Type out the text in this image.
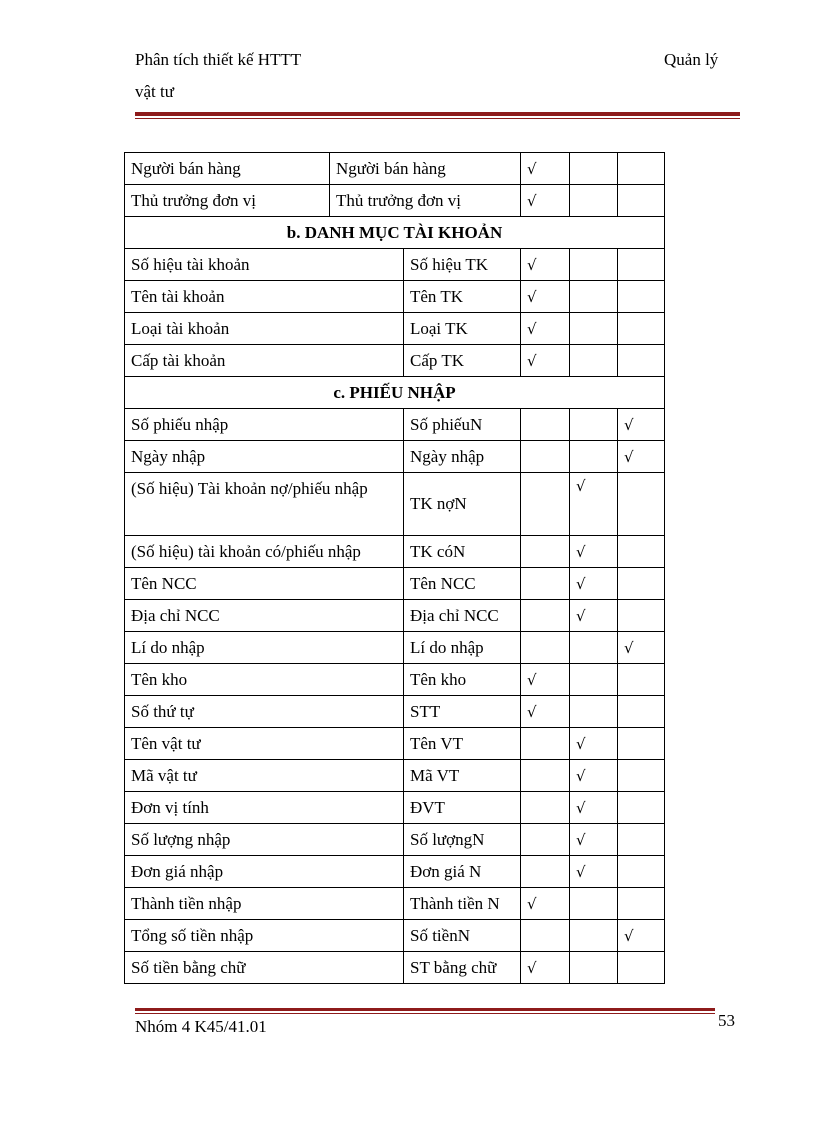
Phân tích thiết kế HTTT
vật tư
Quản lý
Người bán hàng	Người bán hàng		√		
Thủ trưởng đơn vị	Thủ trưởng đơn vị		√		
b. DANH MỤC TÀI KHOẢN					
Số hiệu tài khoản		Số hiệu TK	√		
Tên tài khoản		Tên TK	√		
Loại tài khoản		Loại TK	√		
Cấp tài khoản		Cấp TK	√		
c. PHIẾU NHẬP					
Số phiếu nhập		Số phiếuN			√
Ngày nhập		Ngày nhập			√
(Số hiệu) Tài khoản nợ/phiếu nhập		TK nợN		√	
(Số hiệu) tài khoản có/phiếu nhập		TK cóN		√	
Tên NCC		Tên NCC		√	
Địa chỉ NCC		Địa chỉ NCC		√	
Lí do nhập		Lí do nhập			√
Tên kho		Tên kho	√		
Số thứ tự		STT	√		
Tên vật tư		Tên VT		√	
Mã vật tư		Mã VT		√	
Đơn vị tính		ĐVT		√	
Số lượng nhập		Số lượngN		√	
Đơn giá nhập		Đơn giá N		√	
Thành tiền nhập		Thành tiền N	√		
Tổng số tiền nhập		Số tiềnN			√
Số tiền bằng chữ		ST bằng chữ	√		
Nhóm 4 K45/41.01	53
